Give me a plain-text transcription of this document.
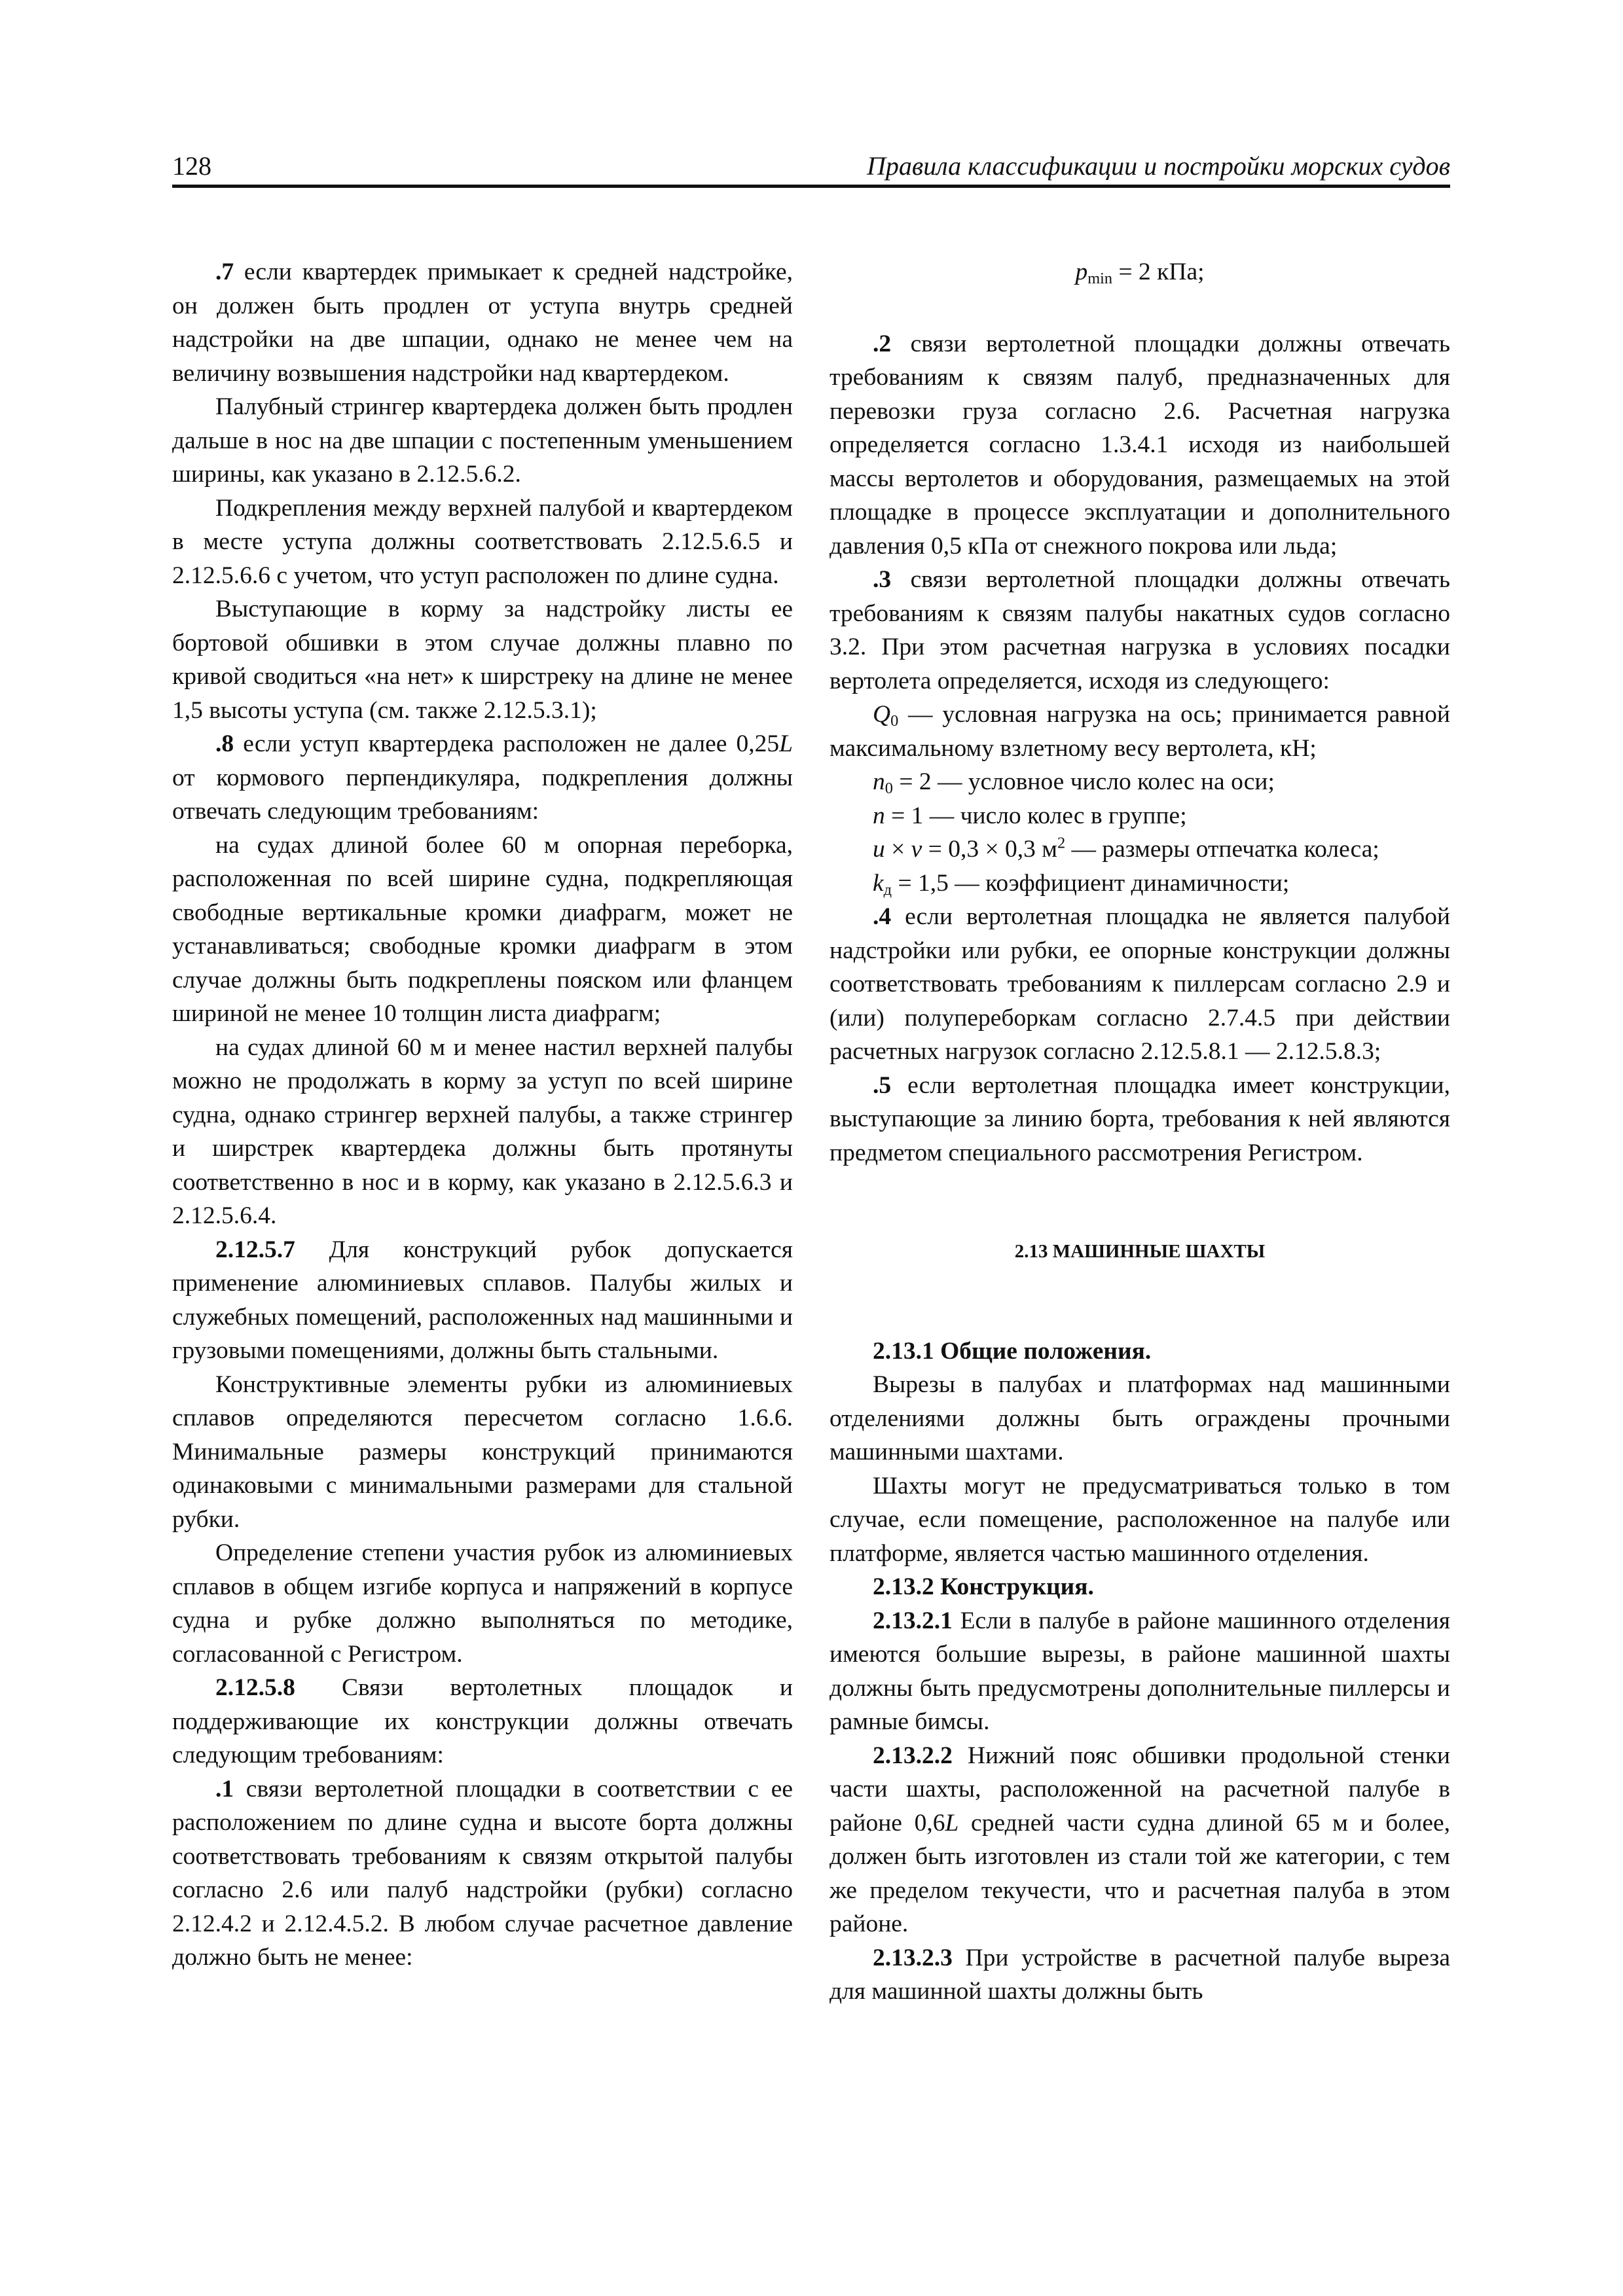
128	Правила классификации и постройки морских судов

.7 если квартердек примыкает к средней надстройке, он должен быть продлен от уступа внутрь средней надстройки на две шпации, однако не менее чем на величину возвышения надстройки над квартердеком.

Палубный стрингер квартердека должен быть продлен дальше в нос на две шпации с постепенным уменьшением ширины, как указано в 2.12.5.6.2.

Подкрепления между верхней палубой и квартердеком в месте уступа должны соответствовать 2.12.5.6.5 и 2.12.5.6.6 с учетом, что уступ расположен по длине судна.

Выступающие в корму за надстройку листы ее бортовой обшивки в этом случае должны плавно по кривой сводиться «на нет» к ширстреку на длине не менее 1,5 высоты уступа (см. также 2.12.5.3.1);

.8 если уступ квартердека расположен не далее 0,25L от кормового перпендикуляра, подкрепления должны отвечать следующим требованиям:

на судах длиной более 60 м опорная переборка, расположенная по всей ширине судна, подкрепляющая свободные вертикальные кромки диафрагм, может не устанавливаться; свободные кромки диафрагм в этом случае должны быть подкреплены пояском или фланцем шириной не менее 10 толщин листа диафрагм;

на судах длиной 60 м и менее настил верхней палубы можно не продолжать в корму за уступ по всей ширине судна, однако стрингер верхней палубы, а также стрингер и ширстрек квартердека должны быть протянуты соответственно в нос и в корму, как указано в 2.12.5.6.3 и 2.12.5.6.4.

2.12.5.7 Для конструкций рубок допускается применение алюминиевых сплавов. Палубы жилых и служебных помещений, расположенных над машинными и грузовыми помещениями, должны быть стальными.

Конструктивные элементы рубки из алюминиевых сплавов определяются пересчетом согласно 1.6.6. Минимальные размеры конструкций принимаются одинаковыми с минимальными размерами для стальной рубки.

Определение степени участия рубок из алюминиевых сплавов в общем изгибе корпуса и напряжений в корпусе судна и рубке должно выполняться по методике, согласованной с Регистром.

2.12.5.8 Связи вертолетных площадок и поддерживающие их конструкции должны отвечать следующим требованиям:

.1 связи вертолетной площадки в соответствии с ее расположением по длине судна и высоте борта должны соответствовать требованиям к связям открытой палубы согласно 2.6 или палуб надстройки (рубки) согласно 2.12.4.2 и 2.12.4.5.2. В любом случае расчетное давление должно быть не менее:

$p_{min} = 2$ кПа;

.2 связи вертолетной площадки должны отвечать требованиям к связям палуб, предназначенных для перевозки груза согласно 2.6. Расчетная нагрузка определяется согласно 1.3.4.1 исходя из наибольшей массы вертолетов и оборудования, размещаемых на этой площадке в процессе эксплуатации и дополнительного давления 0,5 кПа от снежного покрова или льда;

.3 связи вертолетной площадки должны отвечать требованиям к связям палубы накатных судов согласно 3.2. При этом расчетная нагрузка в условиях посадки вертолета определяется, исходя из следующего:

$Q_0$ — условная нагрузка на ось; принимается равной максимальному взлетному весу вертолета, кН;

$n_0 = 2$ — условное число колес на оси;

n = 1 — число колес в группе;

u × v = 0,3 × 0,3 $м^2$ — размеры отпечатка колеса;

$k_д = 1,5$ — коэффициент динамичности;

.4 если вертолетная площадка не является палубой надстройки или рубки, ее опорные конструкции должны соответствовать требованиям к пиллерсам согласно 2.9 и (или) полупереборкам согласно 2.7.4.5 при действии расчетных нагрузок согласно 2.12.5.8.1 — 2.12.5.8.3;

.5 если вертолетная площадка имеет конструкции, выступающие за линию борта, требования к ней являются предметом специального рассмотрения Регистром.

2.13 МАШИННЫЕ ШАХТЫ

2.13.1 Общие положения.

Вырезы в палубах и платформах над машинными отделениями должны быть ограждены прочными машинными шахтами.

Шахты могут не предусматриваться только в том случае, если помещение, расположенное на палубе или платформе, является частью машинного отделения.

2.13.2 Конструкция.

2.13.2.1 Если в палубе в районе машинного отделения имеются большие вырезы, в районе машинной шахты должны быть предусмотрены дополнительные пиллерсы и рамные бимсы.

2.13.2.2 Нижний пояс обшивки продольной стенки части шахты, расположенной на расчетной палубе в районе 0,6L средней части судна длиной 65 м и более, должен быть изготовлен из стали той же категории, с тем же пределом текучести, что и расчетная палуба в этом районе.

2.13.2.3 При устройстве в расчетной палубе выреза для машинной шахты должны быть
